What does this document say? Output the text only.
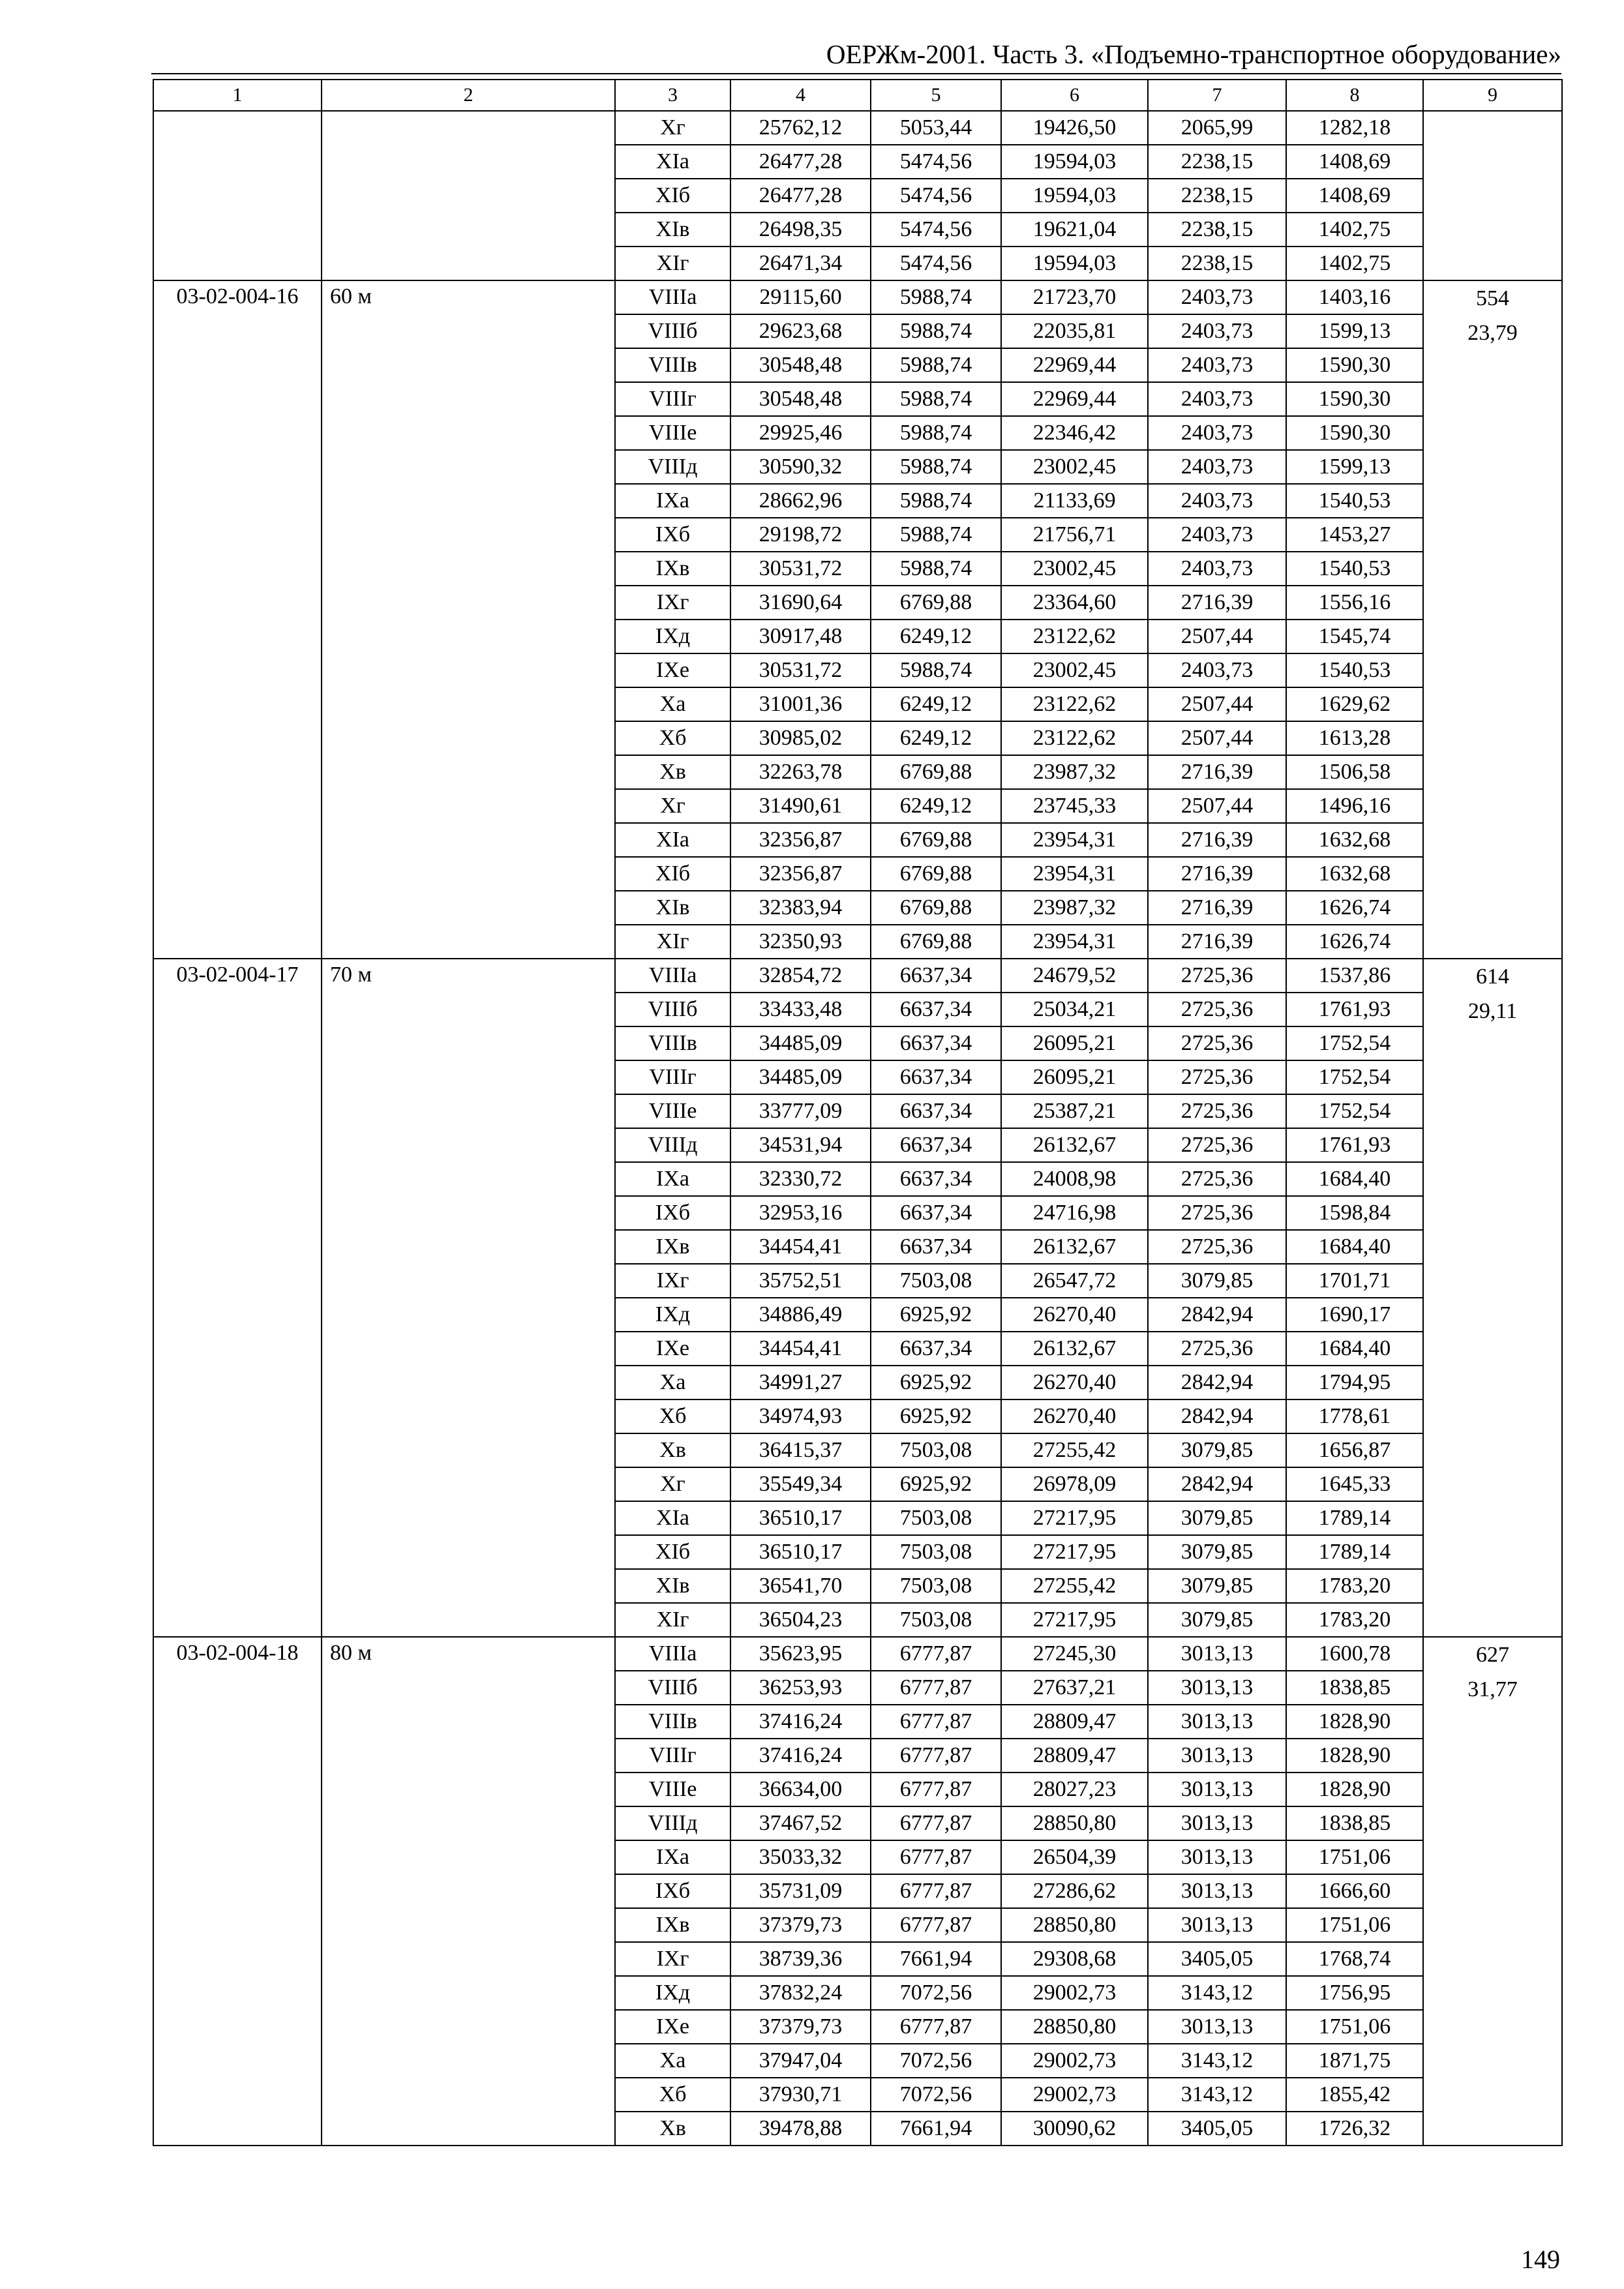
ОЕРЖм-2001. Часть 3. «Подъемно-транспортное оборудование»
1	2	3	4	5	6	7	8	9
		Xг	25762,12	5053,44	19426,50	2065,99	1282,18	
		XIа	26477,28	5474,56	19594,03	2238,15	1408,69	
		XIб	26477,28	5474,56	19594,03	2238,15	1408,69	
		XIв	26498,35	5474,56	19621,04	2238,15	1402,75	
		XIг	26471,34	5474,56	19594,03	2238,15	1402,75	
03-02-004-16	60 м	VIIIа	29115,60	5988,74	21723,70	2403,73	1403,16	554
23,79

		VIIIб	29623,68	5988,74	22035,81	2403,73	1599,13	
		VIIIв	30548,48	5988,74	22969,44	2403,73	1590,30	
		VIIIг	30548,48	5988,74	22969,44	2403,73	1590,30	
		VIIIе	29925,46	5988,74	22346,42	2403,73	1590,30	
		VIIIд	30590,32	5988,74	23002,45	2403,73	1599,13	
		IXа	28662,96	5988,74	21133,69	2403,73	1540,53	
		IXб	29198,72	5988,74	21756,71	2403,73	1453,27	
		IXв	30531,72	5988,74	23002,45	2403,73	1540,53	
		IXг	31690,64	6769,88	23364,60	2716,39	1556,16	
		IXд	30917,48	6249,12	23122,62	2507,44	1545,74	
		IXе	30531,72	5988,74	23002,45	2403,73	1540,53	
		Xа	31001,36	6249,12	23122,62	2507,44	1629,62	
		Xб	30985,02	6249,12	23122,62	2507,44	1613,28	
		Xв	32263,78	6769,88	23987,32	2716,39	1506,58	
		Xг	31490,61	6249,12	23745,33	2507,44	1496,16	
		XIа	32356,87	6769,88	23954,31	2716,39	1632,68	
		XIб	32356,87	6769,88	23954,31	2716,39	1632,68	
		XIв	32383,94	6769,88	23987,32	2716,39	1626,74	
		XIг	32350,93	6769,88	23954,31	2716,39	1626,74	
03-02-004-17	70 м	VIIIа	32854,72	6637,34	24679,52	2725,36	1537,86	614
29,11

		VIIIб	33433,48	6637,34	25034,21	2725,36	1761,93	
		VIIIв	34485,09	6637,34	26095,21	2725,36	1752,54	
		VIIIг	34485,09	6637,34	26095,21	2725,36	1752,54	
		VIIIе	33777,09	6637,34	25387,21	2725,36	1752,54	
		VIIIд	34531,94	6637,34	26132,67	2725,36	1761,93	
		IXа	32330,72	6637,34	24008,98	2725,36	1684,40	
		IXб	32953,16	6637,34	24716,98	2725,36	1598,84	
		IXв	34454,41	6637,34	26132,67	2725,36	1684,40	
		IXг	35752,51	7503,08	26547,72	3079,85	1701,71	
		IXд	34886,49	6925,92	26270,40	2842,94	1690,17	
		IXе	34454,41	6637,34	26132,67	2725,36	1684,40	
		Xа	34991,27	6925,92	26270,40	2842,94	1794,95	
		Xб	34974,93	6925,92	26270,40	2842,94	1778,61	
		Xв	36415,37	7503,08	27255,42	3079,85	1656,87	
		Xг	35549,34	6925,92	26978,09	2842,94	1645,33	
		XIа	36510,17	7503,08	27217,95	3079,85	1789,14	
		XIб	36510,17	7503,08	27217,95	3079,85	1789,14	
		XIв	36541,70	7503,08	27255,42	3079,85	1783,20	
		XIг	36504,23	7503,08	27217,95	3079,85	1783,20	
03-02-004-18	80 м	VIIIа	35623,95	6777,87	27245,30	3013,13	1600,78	627
31,77

		VIIIб	36253,93	6777,87	27637,21	3013,13	1838,85	
		VIIIв	37416,24	6777,87	28809,47	3013,13	1828,90	
		VIIIг	37416,24	6777,87	28809,47	3013,13	1828,90	
		VIIIе	36634,00	6777,87	28027,23	3013,13	1828,90	
		VIIIд	37467,52	6777,87	28850,80	3013,13	1838,85	
		IXа	35033,32	6777,87	26504,39	3013,13	1751,06	
		IXб	35731,09	6777,87	27286,62	3013,13	1666,60	
		IXв	37379,73	6777,87	28850,80	3013,13	1751,06	
		IXг	38739,36	7661,94	29308,68	3405,05	1768,74	
		IXд	37832,24	7072,56	29002,73	3143,12	1756,95	
		IXе	37379,73	6777,87	28850,80	3013,13	1751,06	
		Xа	37947,04	7072,56	29002,73	3143,12	1871,75	
		Xб	37930,71	7072,56	29002,73	3143,12	1855,42	
		Xв	39478,88	7661,94	30090,62	3405,05	1726,32	
149
